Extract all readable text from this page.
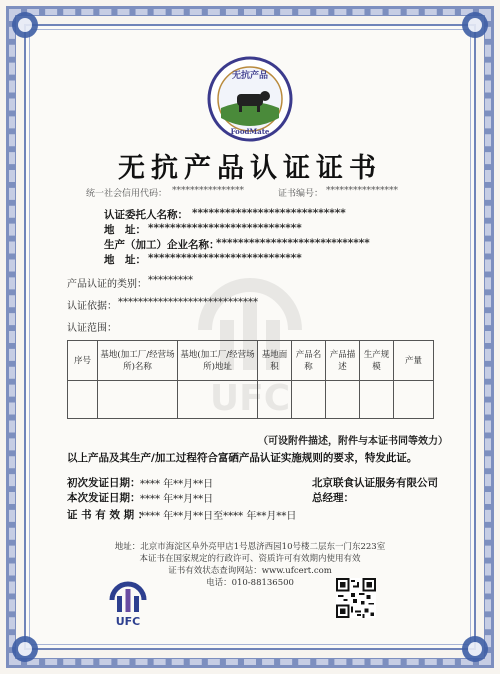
UFC
无抗产品
FoodMate
无抗产品认证证书
统一社会信用代码： ****************	证书编号： ****************
认证委托人名称： ****************************
地　址： ****************************
生产（加工）企业名称：
****************************
地　址： ****************************
产品认证的类别： *********
认证依据： ****************************
认证范围：
序号	基地(加工厂/经营场所)名称	基地(加工厂/经营场所)地址	基地面积	产品名称	产品描述	生产规模	产量

（可设附件描述，附件与本证书同等效力）
以上产品及其生产/加工过程符合富硒产品认证实施规则的要求，特发此证。
初次发证日期： **** 年**月**日	北京联食认证服务有限公司
本次发证日期： **** 年**月**日	总经理：
证 书 有 效 期 ：
**** 年**月**日至**** 年**月**日
地址：北京市海淀区阜外亮甲店1号恩济西园10号楼二层东一门东223室
本证书在国家规定的行政许可、资质许可有效期内使用有效
证书有效状态查询网站：www.ufcert.com
电话：010-88136500
UFC
